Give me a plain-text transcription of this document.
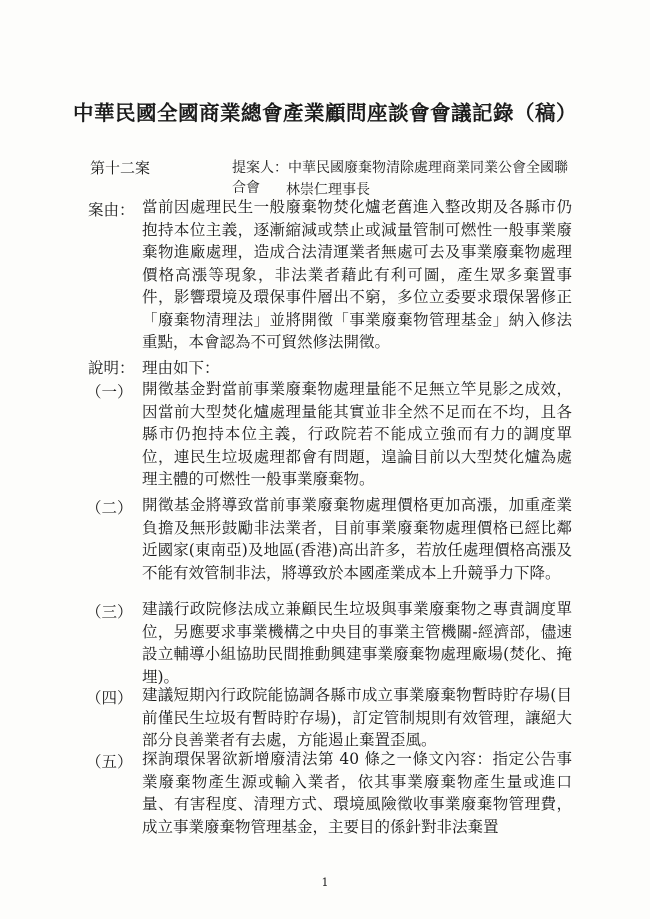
中華民國全國商業總會產業顧問座談會會議記錄（稿）
第十二案	提案人：中華民國廢棄物清除處理商業同業公會全國聯合會	林崇仁理事長
案由： 當前因處理民生一般廢棄物焚化爐老舊進入整改期及各縣市仍抱持本位主義，逐漸縮減或禁止或減量管制可燃性一般事業廢棄物進廠處理，造成合法清運業者無處可去及事業廢棄物處理價格高漲等現象，非法業者藉此有利可圖，產生眾多棄置事件，影響環境及環保事件層出不窮，多位立委要求環保署修正「廢棄物清理法」並將開徵「事業廢棄物管理基金」納入修法重點，本會認為不可貿然修法開徵。
說明： 理由如下：
（一） 開徵基金對當前事業廢棄物處理量能不足無立竿見影之成效，因當前大型焚化爐處理量能其實並非全然不足而在不均，且各縣市仍抱持本位主義，行政院若不能成立強而有力的調度單位，連民生垃圾處理都會有問題，遑論目前以大型焚化爐為處理主體的可燃性一般事業廢棄物。
（二） 開徵基金將導致當前事業廢棄物處理價格更加高漲，加重產業負擔及無形鼓勵非法業者，目前事業廢棄物處理價格已經比鄰近國家(東南亞)及地區(香港)高出許多，若放任處理價格高漲及不能有效管制非法，將導致於本國產業成本上升競爭力下降。
（三） 建議行政院修法成立兼顧民生垃圾與事業廢棄物之專責調度單位，另應要求事業機構之中央目的事業主管機關-經濟部，儘速設立輔導小組協助民間推動興建事業廢棄物處理廠場(焚化、掩埋)。
（四） 建議短期內行政院能協調各縣市成立事業廢棄物暫時貯存場(目前僅民生垃圾有暫時貯存場)，訂定管制規則有效管理，讓絕大部分良善業者有去處，方能遏止棄置歪風。
（五） 探詢環保署欲新增廢清法第 40 條之一條文內容：指定公告事業廢棄物產生源或輸入業者，依其事業廢棄物產生量或進口量、有害程度、清理方式、環境風險徵收事業廢棄物管理費，成立事業廢棄物管理基金，主要目的係針對非法棄置
1
